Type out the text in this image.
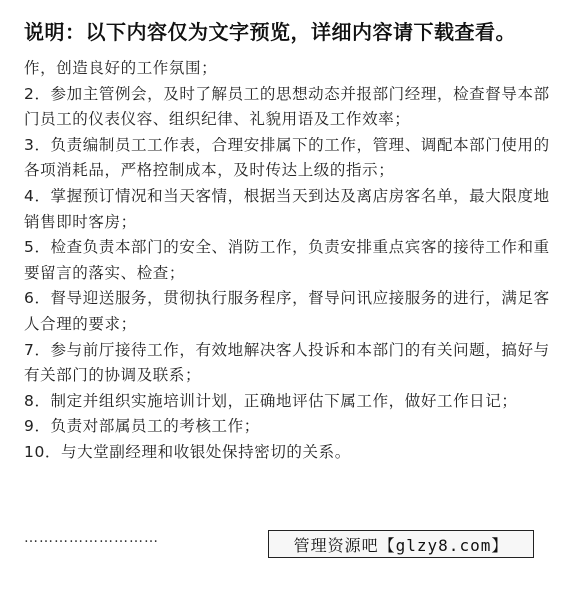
说明：以下内容仅为文字预览，详细内容请下载查看。

作，创造良好的工作氛围；

2．参加主管例会，及时了解员工的思想动态并报部门经理，检查督导本部门员工的仪表仪容、组织纪律、礼貌用语及工作效率；

3．负责编制员工工作表，合理安排属下的工作，管理、调配本部门使用的各项消耗品，严格控制成本，及时传达上级的指示；

4．掌握预订情况和当天客情，根据当天到达及离店房客名单，最大限度地销售即时客房；

5．检查负责本部门的安全、消防工作，负责安排重点宾客的接待工作和重要留言的落实、检查；

6．督导迎送服务，贯彻执行服务程序，督导问讯应接服务的进行，满足客人合理的要求；

7．参与前厅接待工作，有效地解决客人投诉和本部门的有关问题，搞好与有关部门的协调及联系；

8．制定并组织实施培训计划，正确地评估下属工作，做好工作日记；

9．负责对部属员工的考核工作；

10．与大堂副经理和收银处保持密切的关系。

………………………	管理资源吧【glzy8.com】
